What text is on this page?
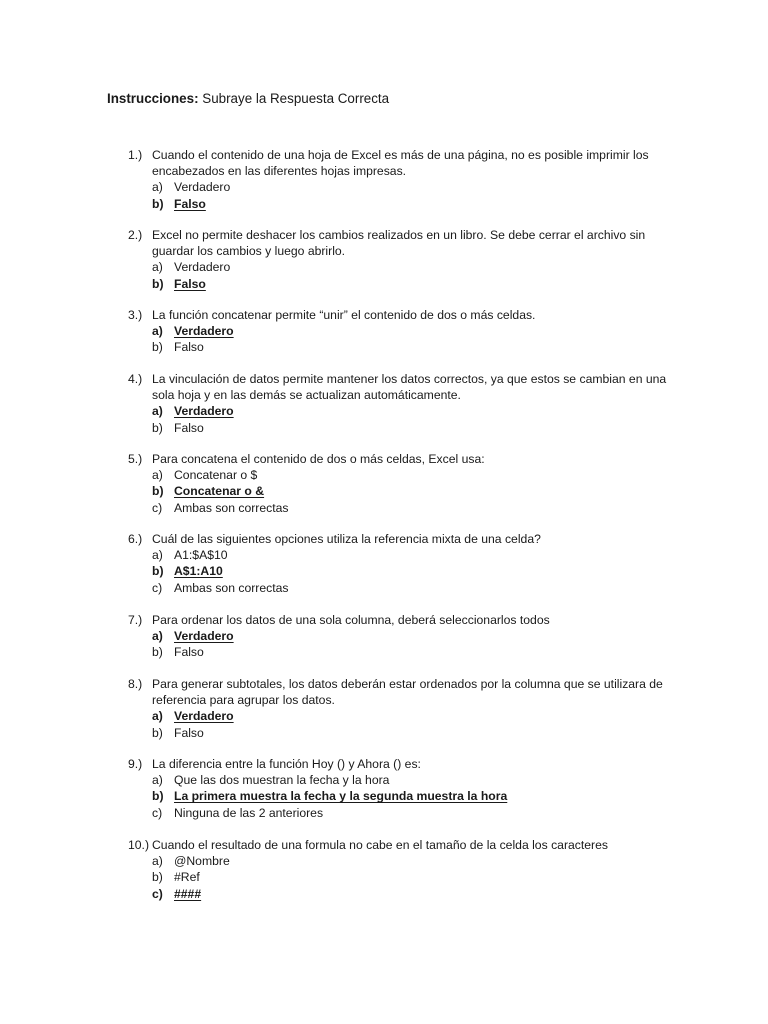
Instrucciones: Subraye la Respuesta Correcta
1.) Cuando el contenido de una hoja de Excel es más de una página, no es posible imprimir los encabezados en las diferentes hojas impresas.
a) Verdadero
b) Falso
2.) Excel no permite deshacer los cambios realizados en un libro. Se debe cerrar el archivo sin guardar los cambios y luego abrirlo.
a) Verdadero
b) Falso
3.) La función concatenar permite “unir” el contenido de dos o más celdas.
a) Verdadero
b) Falso
4.) La vinculación de datos permite mantener los datos correctos, ya que estos se cambian en una sola hoja y en las demás se actualizan automáticamente.
a) Verdadero
b) Falso
5.) Para concatena el contenido de dos o más celdas, Excel usa:
a) Concatenar o $
b) Concatenar o &
c) Ambas son correctas
6.) Cuál de las siguientes opciones utiliza la referencia mixta de una celda?
a) A1:$A$10
b) A$1:A10
c) Ambas son correctas
7.) Para ordenar los datos de una sola columna, deberá seleccionarlos todos
a) Verdadero
b) Falso
8.) Para generar subtotales, los datos deberán estar ordenados por la columna que se utilizara de referencia para agrupar los datos.
a) Verdadero
b) Falso
9.) La diferencia entre la función Hoy () y Ahora () es:
a) Que las dos muestran la fecha y la hora
b) La primera muestra la fecha y la segunda muestra la hora
c) Ninguna de las 2 anteriores
10.) Cuando el resultado de una formula no cabe en el tamaño de la celda los caracteres
a) @Nombre
b) #Ref
c) ####
